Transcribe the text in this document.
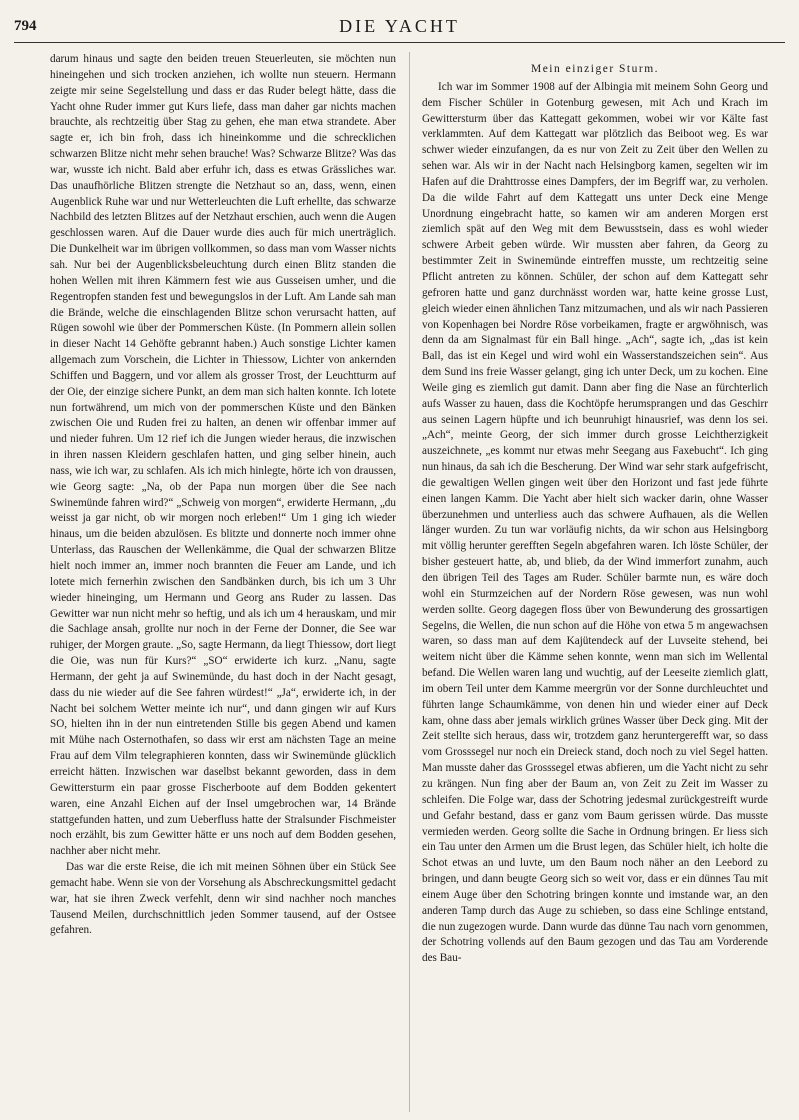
794	DIE YACHT

darum hinaus und sagte den beiden treuen Steuerleuten, sie möchten nun hineingehen und sich trocken anziehen, ich wollte nun steuern. Hermann zeigte mir seine Segelstellung und dass er das Ruder belegt hätte, dass die Yacht ohne Ruder immer gut Kurs liefe, dass man daher gar nichts machen brauchte, als rechtzeitig über Stag zu gehen, ehe man etwa strandete. Aber sagte er, ich bin froh, dass ich hineinkomme und die schrecklichen schwarzen Blitze nicht mehr sehen brauche! Was? Schwarze Blitze? Was das war, wusste ich nicht. Bald aber erfuhr ich, dass es etwas Grässliches war. Das unaufhörliche Blitzen strengte die Netzhaut so an, dass, wenn, einen Augenblick Ruhe war und nur Wetterleuchten die Luft erhellte, das schwarze Nachbild des letzten Blitzes auf der Netzhaut erschien, auch wenn die Augen geschlossen waren. Auf die Dauer wurde dies auch für mich unerträglich. Die Dunkelheit war im übrigen vollkommen, so dass man vom Wasser nichts sah. Nur bei der Augenblicksbeleuchtung durch einen Blitz standen die hohen Wellen mit ihren Kämmern fest wie aus Gusseisen umher, und die Regentropfen standen fest und bewegungslos in der Luft. Am Lande sah man die Brände, welche die einschlagenden Blitze schon verursacht hatten, auf Rügen sowohl wie über der Pommerschen Küste. (In Pommern allein sollen in dieser Nacht 14 Gehöfte gebrannt haben.) Auch sonstige Lichter kamen allgemach zum Vorschein, die Lichter in Thiessow, Lichter von ankernden Schiffen und Baggern, und vor allem als grosser Trost, der Leuchtturm auf der Oie, der einzige sichere Punkt, an dem man sich halten konnte. Ich lotete nun fortwährend, um mich von der pommerschen Küste und den Bänken zwischen Oie und Ruden frei zu halten, an denen wir offenbar immer auf und nieder fuhren. Um 12 rief ich die Jungen wieder heraus, die inzwischen in ihren nassen Kleidern geschlafen hatten, und ging selber hinein, auch nass, wie ich war, zu schlafen. Als ich mich hinlegte, hörte ich von draussen, wie Georg sagte: „Na, ob der Papa nun morgen über die See nach Swinemünde fahren wird?“ „Schweig von morgen“, erwiderte Hermann, „du weisst ja gar nicht, ob wir morgen noch erleben!“ Um 1 ging ich wieder hinaus, um die beiden abzulösen. Es blitzte und donnerte noch immer ohne Unterlass, das Rauschen der Wellenkämme, die Qual der schwarzen Blitze hielt noch immer an, immer noch brannten die Feuer am Lande, und ich lotete mich fernerhin zwischen den Sandbänken durch, bis ich um 3 Uhr wieder hineinging, um Hermann und Georg ans Ruder zu lassen. Das Gewitter war nun nicht mehr so heftig, und als ich um 4 herauskam, und mir die Sachlage ansah, grollte nur noch in der Ferne der Donner, die See war ruhiger, der Morgen graute. „So, sagte Hermann, da liegt Thiessow, dort liegt die Oie, was nun für Kurs?“ „SO“ erwiderte ich kurz. „Nanu, sagte Hermann, der geht ja auf Swinemünde, du hast doch in der Nacht gesagt, dass du nie wieder auf die See fahren würdest!“ „Ja“, erwiderte ich, in der Nacht bei solchem Wetter meinte ich nur“, und dann gingen wir auf Kurs SO, hielten ihn in der nun eintretenden Stille bis gegen Abend und kamen mit Mühe nach Osternothafen, so dass wir erst am nächsten Tage an meine Frau auf dem Vilm telegraphieren konnten, dass wir Swinemünde glücklich erreicht hätten. Inzwischen war daselbst bekannt geworden, dass in dem Gewittersturm ein paar grosse Fischerboote auf dem Bodden gekentert waren, eine Anzahl Eichen auf der Insel umgebrochen war, 14 Brände stattgefunden hatten, und zum Ueberfluss hatte der Stralsunder Fischmeister noch erzählt, bis zum Gewitter hätte er uns noch auf dem Bodden gesehen, nachher aber nicht mehr.

Das war die erste Reise, die ich mit meinen Söhnen über ein Stück See gemacht habe. Wenn sie von der Vorsehung als Abschreckungsmittel gedacht war, hat sie ihren Zweck verfehlt, denn wir sind nachher noch manches Tausend Meilen, durchschnittlich jeden Sommer tausend, auf der Ostsee gefahren.

Mein einziger Sturm.

Ich war im Sommer 1908 auf der Albingia mit meinem Sohn Georg und dem Fischer Schüler in Gotenburg gewesen, mit Ach und Krach im Gewittersturm über das Kattegatt gekommen, wobei wir vor Kälte fast verklammten. Auf dem Kattegatt war plötzlich das Beiboot weg. Es war schwer wieder einzufangen, da es nur von Zeit zu Zeit über den Wellen zu sehen war. Als wir in der Nacht nach Helsingborg kamen, segelten wir im Hafen auf die Drahttrosse eines Dampfers, der im Begriff war, zu verholen. Da die wilde Fahrt auf dem Kattegatt uns unter Deck eine Menge Unordnung eingebracht hatte, so kamen wir am anderen Morgen erst ziemlich spät auf den Weg mit dem Bewusstsein, dass es wohl wieder schwere Arbeit geben würde. Wir mussten aber fahren, da Georg zu bestimmter Zeit in Swinemünde eintreffen musste, um rechtzeitig seine Pflicht antreten zu können. Schüler, der schon auf dem Kattegatt sehr gefroren hatte und ganz durchnässt worden war, hatte keine grosse Lust, gleich wieder einen ähnlichen Tanz mitzumachen, und als wir nach Passieren von Kopenhagen bei Nordre Röse vorbeikamen, fragte er argwöhnisch, was denn da am Signalmast für ein Ball hinge. „Ach“, sagte ich, „das ist kein Ball, das ist ein Kegel und wird wohl ein Wasserstandszeichen sein“. Aus dem Sund ins freie Wasser gelangt, ging ich unter Deck, um zu kochen. Eine Weile ging es ziemlich gut damit. Dann aber fing die Nase an fürchterlich aufs Wasser zu hauen, dass die Kochtöpfe herumsprangen und das Geschirr aus seinen Lagern hüpfte und ich beunruhigt hinausrief, was denn los sei. „Ach“, meinte Georg, der sich immer durch grosse Leichtherzigkeit auszeichnete, „es kommt nur etwas mehr Seegang aus Faxebucht“. Ich ging nun hinaus, da sah ich die Bescherung. Der Wind war sehr stark aufgefrischt, die gewaltigen Wellen gingen weit über den Horizont und fast jede führte einen langen Kamm. Die Yacht aber hielt sich wacker darin, ohne Wasser überzunehmen und unterliess auch das schwere Aufhauen, als die Wellen länger wurden. Zu tun war vorläufig nichts, da wir schon aus Helsingborg mit völlig herunter gerefften Segeln abgefahren waren. Ich löste Schüler, der bisher gesteuert hatte, ab, und blieb, da der Wind immerfort zunahm, auch den übrigen Teil des Tages am Ruder. Schüler barmte nun, es wäre doch wohl ein Sturmzeichen auf der Nordern Röse gewesen, was nun wohl werden sollte. Georg dagegen floss über von Bewunderung des grossartigen Segelns, die Wellen, die nun schon auf die Höhe von etwa 5 m angewachsen waren, so dass man auf dem Kajütendeck auf der Luvseite stehend, bei weitem nicht über die Kämme sehen konnte, wenn man sich im Wellental befand. Die Wellen waren lang und wuchtig, auf der Leeseite ziemlich glatt, im obern Teil unter dem Kamme meergrün vor der Sonne durchleuchtet und führten lange Schaumkämme, von denen hin und wieder einer auf Deck kam, ohne dass aber jemals wirklich grünes Wasser über Deck ging. Mit der Zeit stellte sich heraus, dass wir, trotzdem ganz heruntergerefft war, so dass vom Grosssegel nur noch ein Dreieck stand, doch noch zu viel Segel hatten. Man musste daher das Grosssegel etwas abfieren, um die Yacht nicht zu sehr zu krängen. Nun fing aber der Baum an, von Zeit zu Zeit im Wasser zu schleifen. Die Folge war, dass der Schotring jedesmal zurückgestreift wurde und Gefahr bestand, dass er ganz vom Baum gerissen würde. Das musste vermieden werden. Georg sollte die Sache in Ordnung bringen. Er liess sich ein Tau unter den Armen um die Brust legen, das Schüler hielt, ich holte die Schot etwas an und luvte, um den Baum noch näher an den Leebord zu bringen, und dann beugte Georg sich so weit vor, dass er ein dünnes Tau mit einem Auge über den Schotring bringen konnte und imstande war, an den anderen Tamp durch das Auge zu schieben, so dass eine Schlinge entstand, die nun zugezogen wurde. Dann wurde das dünne Tau nach vorn genommen, der Schotring vollends auf den Baum gezogen und das Tau am Vorderende des Bau-
